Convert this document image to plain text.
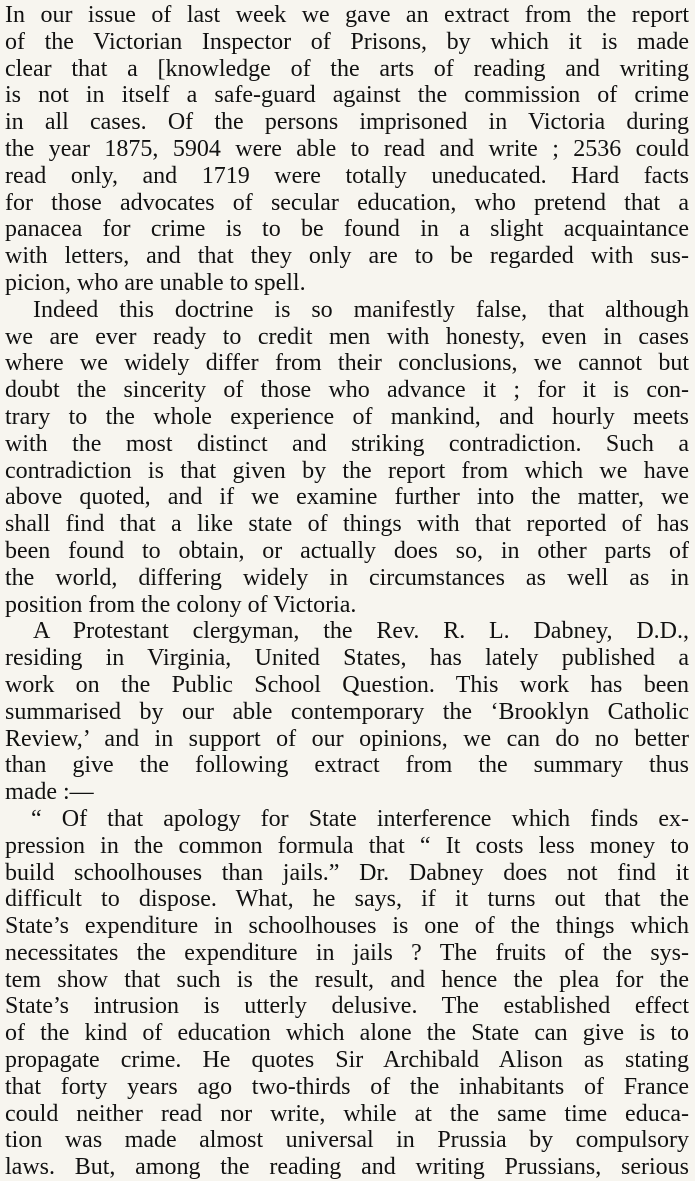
In our issue of last week we gave an extract from the report
of the Victorian Inspector of Prisons, by which it is made
clear that a [knowledge of the arts of reading and writing
is not in itself a safe-guard against the commission of crime
in all cases. Of the persons imprisoned in Victoria during
the year 1875, 5904 were able to read and write ; 2536 could
read only, and 1719 were totally uneducated. Hard facts
for those advocates of secular education, who pretend that a
panacea for crime is to be found in a slight acquaintance
with letters, and that they only are to be regarded with sus-
picion, who are unable to spell.
Indeed this doctrine is so manifestly false, that although
we are ever ready to credit men with honesty, even in cases
where we widely differ from their conclusions, we cannot but
doubt the sincerity of those who advance it ; for it is con-
trary to the whole experience of mankind, and hourly meets
with the most distinct and striking contradiction. Such a
contradiction is that given by the report from which we have
above quoted, and if we examine further into the matter, we
shall find that a like state of things with that reported of has
been found to obtain, or actually does so, in other parts of
the world, differing widely in circumstances as well as in
position from the colony of Victoria.
A Protestant clergyman, the Rev. R. L. Dabney, D.D.,
residing in Virginia, United States, has lately published a
work on the Public School Question. This work has been
summarised by our able contemporary the ‘Brooklyn Catholic
Review,’ and in support of our opinions, we can do no better
than give the following extract from the summary thus
made :—
“ Of that apology for State interference which finds ex-
pression in the common formula that “ It costs less money to
build schoolhouses than jails.” Dr. Dabney does not find it
difficult to dispose. What, he says, if it turns out that the
State’s expenditure in schoolhouses is one of the things which
necessitates the expenditure in jails ? The fruits of the sys-
tem show that such is the result, and hence the plea for the
State’s intrusion is utterly delusive. The established effect
of the kind of education which alone the State can give is to
propagate crime. He quotes Sir Archibald Alison as stating
that forty years ago two-thirds of the inhabitants of France
could neither read nor write, while at the same time educa-
tion was made almost universal in Prussia by compulsory
laws. But, among the reading and writing Prussians, serious
